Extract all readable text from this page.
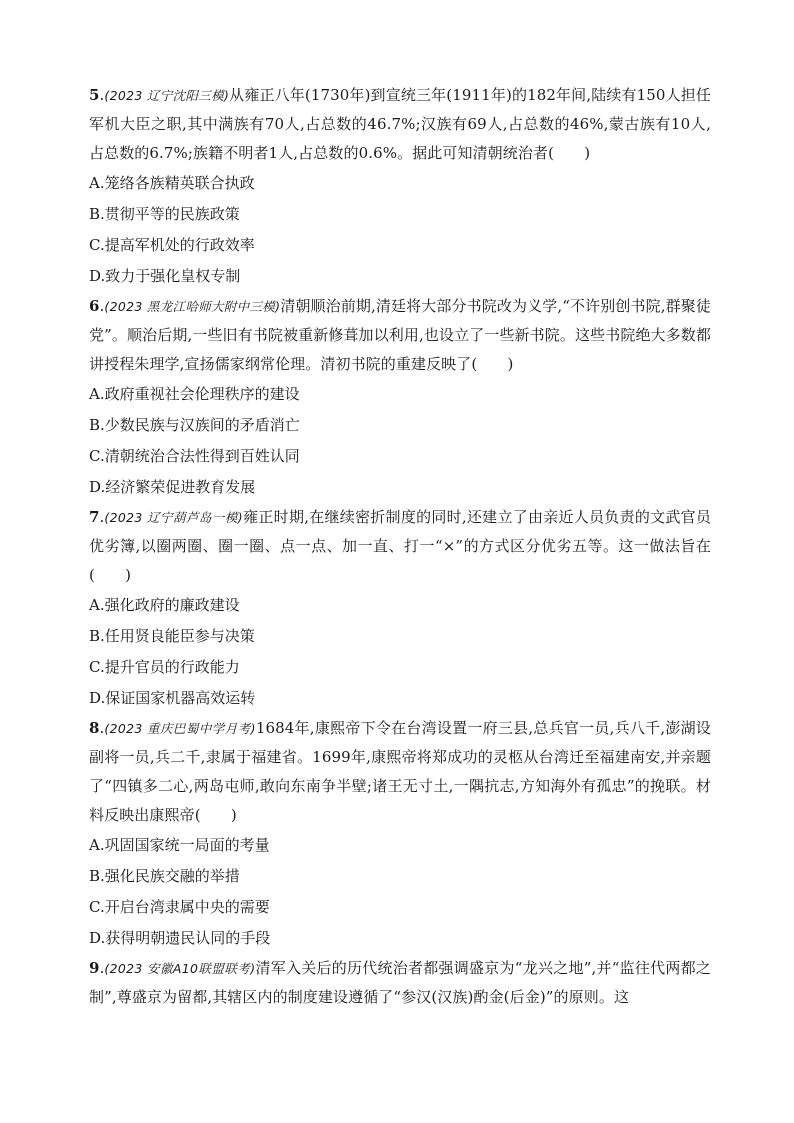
5.(2023 辽宁沈阳三模)从雍正八年(1730年)到宣统三年(1911年)的182年间,陆续有150人担任军机大臣之职,其中满族有70人,占总数的46.7%;汉族有69人,占总数的46%,蒙古族有10人,占总数的6.7%;族籍不明者1人,占总数的0.6%。据此可知清朝统治者(　　)

A.笼络各族精英联合执政
B.贯彻平等的民族政策
C.提高军机处的行政效率
D.致力于强化皇权专制

6.(2023 黑龙江哈师大附中三模)清朝顺治前期,清廷将大部分书院改为义学,“不许别创书院,群聚徒党”。顺治后期,一些旧有书院被重新修葺加以利用,也设立了一些新书院。这些书院绝大多数都讲授程朱理学,宣扬儒家纲常伦理。清初书院的重建反映了(　　)

A.政府重视社会伦理秩序的建设
B.少数民族与汉族间的矛盾消亡
C.清朝统治合法性得到百姓认同
D.经济繁荣促进教育发展

7.(2023 辽宁葫芦岛一模)雍正时期,在继续密折制度的同时,还建立了由亲近人员负责的文武官员优劣簿,以圈两圈、圈一圈、点一点、加一直、打一“×”的方式区分优劣五等。这一做法旨在(　　)

A.强化政府的廉政建设
B.任用贤良能臣参与决策
C.提升官员的行政能力
D.保证国家机器高效运转

8.(2023 重庆巴蜀中学月考)1684年,康熙帝下令在台湾设置一府三县,总兵官一员,兵八千,澎湖设副将一员,兵二千,隶属于福建省。1699年,康熙帝将郑成功的灵柩从台湾迁至福建南安,并亲题了“四镇多二心,两岛屯师,敢向东南争半壁;诸王无寸土,一隅抗志,方知海外有孤忠”的挽联。材料反映出康熙帝(　　)

A.巩固国家统一局面的考量
B.强化民族交融的举措
C.开启台湾隶属中央的需要
D.获得明朝遗民认同的手段

9.(2023 安徽A10联盟联考)清军入关后的历代统治者都强调盛京为“龙兴之地”,并“监往代两都之制”,尊盛京为留都,其辖区内的制度建设遵循了“参汉(汉族)酌金(后金)”的原则。这
